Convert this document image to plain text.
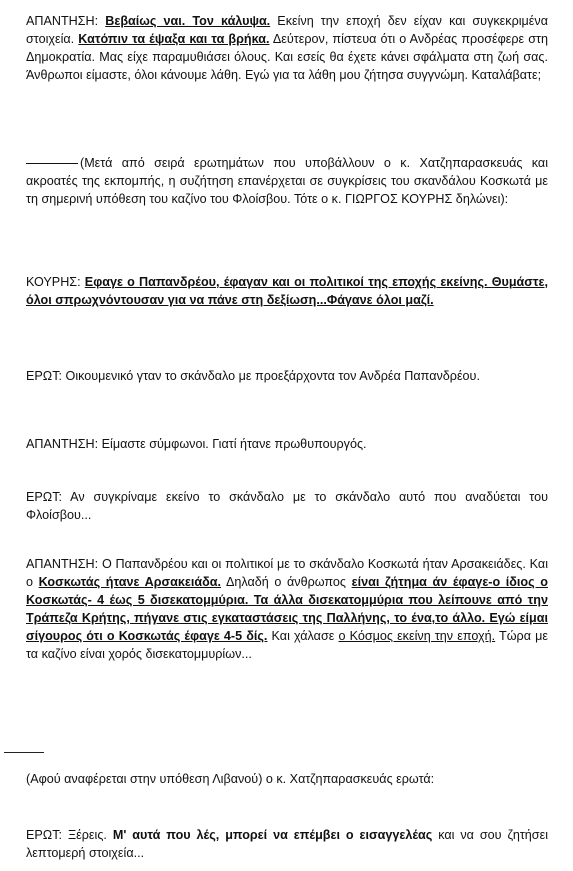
ΑΠΑΝΤΗΣΗ: Βεβαίως ναι. Τον κάλυψα. Εκείνη την εποχή δεν είχαν και συγκεκριμένα στοιχεία. Κατόπιν τα έψαξα και τα βρήκα. Δεύτερον, πίστευα ότι ο Ανδρέας προσέφερε στη Δημοκρατία. Μας είχε παραμυθιάσει όλους. Και εσείς θα έχετε κάνει σφάλματα στη ζωή σας. Άνθρωποι είμαστε, όλοι κάνουμε λάθη. Εγώ για τα λάθη μου ζήτησα συγγνώμη. Καταλάβατε;
(Μετά από σειρά ερωτημάτων που υποβάλλουν ο κ. Χατζηπαρασκευάς και ακροατές της εκπομπής, η συζήτηση επανέρχεται σε συγκρίσεις του σκανδάλου Κοσκωτά με τη σημερινή υπόθεση του καζίνο του Φλοίσβου. Τότε ο κ. ΓΙΩΡΓΟΣ ΚΟΥΡΗΣ δηλώνει):
ΚΟΥΡΗΣ: Εφαγε ο Παπανδρέου, έφαγαν και οι πολιτικοί της εποχής εκείνης. Θυμάστε, όλοι σπρωχνόντουσαν για να πάνε στη δεξίωση...Φάγανε όλοι μαζί.
ΕΡΩΤ: Οικουμενικό γταν το σκάνδαλο με προεξάρχοντα τον Ανδρέα Παπανδρέου.
ΑΠΑΝΤΗΣΗ: Είμαστε σύμφωνοι. Γιατί ήτανε πρωθυπουργός.
ΕΡΩΤ: Αν συγκρίναμε εκείνο το σκάνδαλο με το σκάνδαλο αυτό που αναδύεται του Φλοίσβου...
ΑΠΑΝΤΗΣΗ: Ο Παπανδρέου και οι πολιτικοί με το σκάνδαλο Κοσκωτά ήταν Αρσακειάδες. Και ο Κοσκωτάς ήτανε Αρσακειάδα. Δηλαδή ο άνθρωπος είναι ζήτημα άν έφαγε-ο ίδιος ο Κοσκωτάς- 4 έως 5 δισεκατομμύρια. Τα άλλα δισεκατομμύρια που λείπουνε από την Τράπεζα Κρήτης, πήγανε στις εγκαταστάσεις της Παλλήνης, το ένα,το άλλο. Εγώ είμαι σίγουρος ότι ο Κοσκωτάς έφαγε 4-5 δίς. Και χάλασε ο Κόσμος εκείνη την εποχή. Τώρα με τα καζίνο είναι χορός δισεκατομμυρίων...
(Αφού αναφέρεται στην υπόθεση Λιβανού) ο κ. Χατζηπαρασκευάς ερωτά:
ΕΡΩΤ: Ξέρεις. Μ' αυτά που λές, μπορεί να επέμβει ο εισαγγελέας και να σου ζητήσει λεπτομερή στοιχεία...
